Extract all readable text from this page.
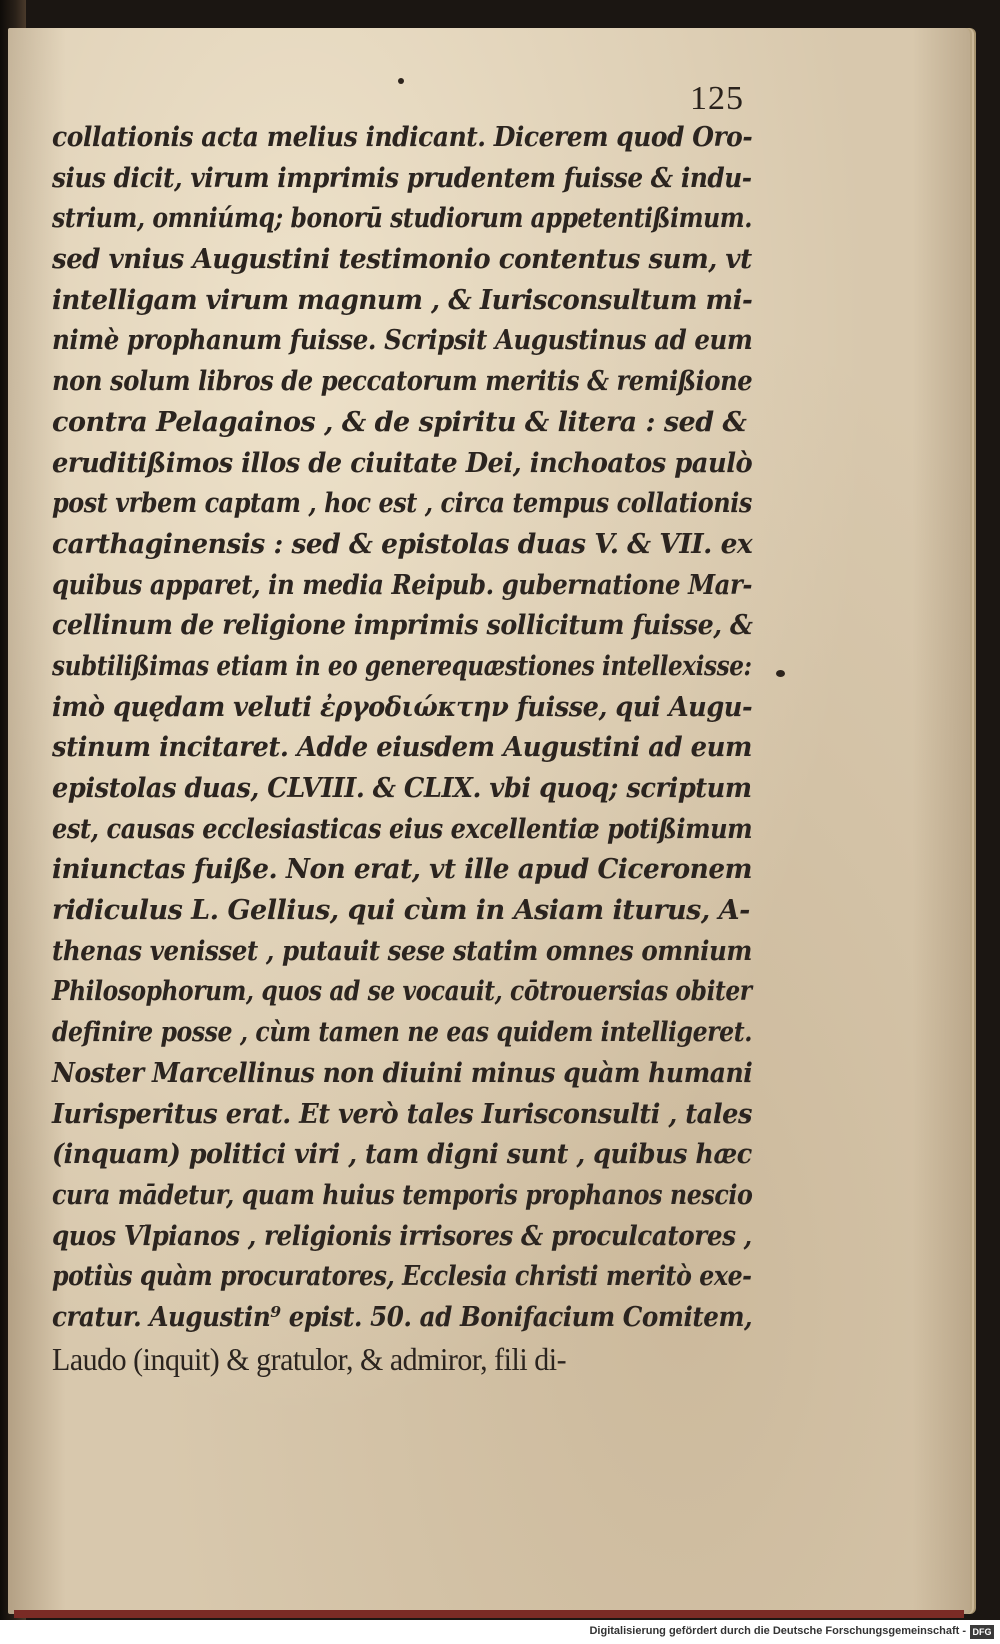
125
collationis acta melius indicant. Dicerem quod Oro-
sius dicit, virum imprimis prudentem fuisse & indu-
strium, omniúmq; bonorū studiorum appetentißimum.
sed vnius Augustini testimonio contentus sum, vt
intelligam virum magnum , & Iurisconsultum mi-
nimè prophanum fuisse. Scripsit Augustinus ad eum
non solum libros de peccatorum meritis & remißione
contra Pelagainos , & de spiritu & litera : sed &
eruditißimos illos de ciuitate Dei, inchoatos paulò
post vrbem captam , hoc est , circa tempus collationis
carthaginensis : sed & epistolas duas V. & VII. ex
quibus apparet, in media Reipub. gubernatione Mar-
cellinum de religione imprimis sollicitum fuisse, &
subtilißimas etiam in eo generequæstiones intellexisse:
imò quędam veluti ἐργοδιώκτην fuisse, qui Augu-
stinum incitaret. Adde eiusdem Augustini ad eum
epistolas duas, CLVIII. & CLIX. vbi quoq; scriptum
est, causas ecclesiasticas eius excellentiæ potißimum
iniunctas fuiße. Non erat, vt ille apud Ciceronem
ridiculus L. Gellius, qui cùm in Asiam iturus, A-
thenas venisset , putauit sese statim omnes omnium
Philosophorum, quos ad se vocauit, cōtrouersias obiter
definire posse , cùm tamen ne eas quidem intelligeret.
Noster Marcellinus non diuini minus quàm humani
Iurisperitus erat. Et verò tales Iurisconsulti , tales
(inquam) politici viri , tam digni sunt , quibus hæc
cura mādetur, quam huius temporis prophanos nescio
quos Vlpianos , religionis irrisores & proculcatores ,
potiùs quàm procuratores, Ecclesia christi meritò exe-
cratur. Augustin⁹ epist. 50. ad Bonifacium Comitem,
Laudo (inquit) & gratulor, & admiror, fili di-
Digitalisierung gefördert durch die Deutsche Forschungsgemeinschaft - DFG
